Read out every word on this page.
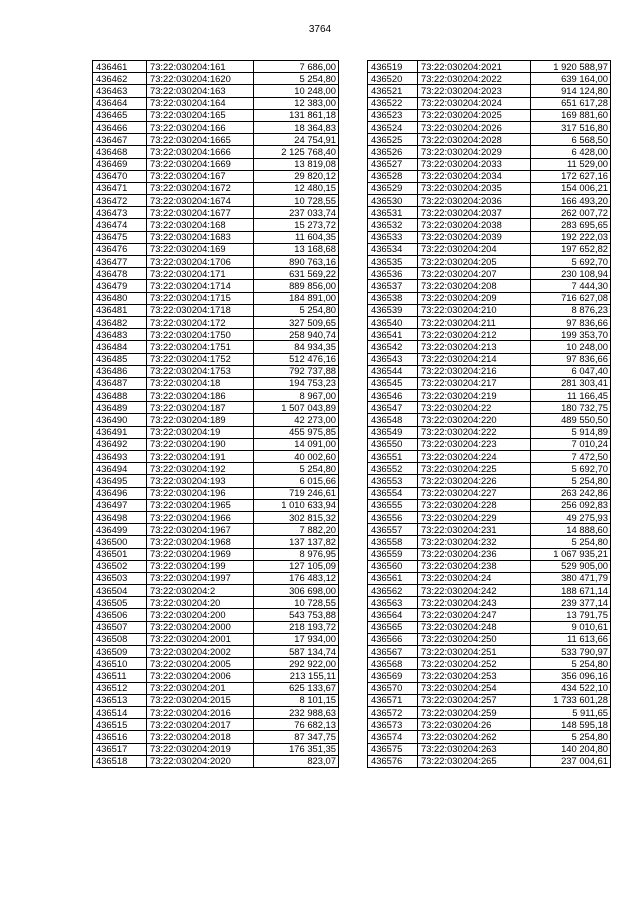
3764
436461	73:22:030204:161	7 686,00
436462	73:22:030204:1620	5 254,80
436463	73:22:030204:163	10 248,00
436464	73:22:030204:164	12 383,00
436465	73:22:030204:165	131 861,18
436466	73:22:030204:166	18 364,83
436467	73:22:030204:1665	24 754,91
436468	73:22:030204:1666	2 125 768,40
436469	73:22:030204:1669	13 819,08
436470	73:22:030204:167	29 820,12
436471	73:22:030204:1672	12 480,15
436472	73:22:030204:1674	10 728,55
436473	73:22:030204:1677	237 033,74
436474	73:22:030204:168	15 273,72
436475	73:22:030204:1683	11 604,35
436476	73:22:030204:169	13 168,68
436477	73:22:030204:1706	890 763,16
436478	73:22:030204:171	631 569,22
436479	73:22:030204:1714	889 856,00
436480	73:22:030204:1715	184 891,00
436481	73:22:030204:1718	5 254,80
436482	73:22:030204:172	327 509,65
436483	73:22:030204:1750	258 940,74
436484	73:22:030204:1751	84 934,35
436485	73:22:030204:1752	512 476,16
436486	73:22:030204:1753	792 737,88
436487	73:22:030204:18	194 753,23
436488	73:22:030204:186	8 967,00
436489	73:22:030204:187	1 507 043,89
436490	73:22:030204:189	42 273,00
436491	73:22:030204:19	455 975,85
436492	73:22:030204:190	14 091,00
436493	73:22:030204:191	40 002,60
436494	73:22:030204:192	5 254,80
436495	73:22:030204:193	6 015,66
436496	73:22:030204:196	719 246,61
436497	73:22:030204:1965	1 010 633,94
436498	73:22:030204:1966	302 815,32
436499	73:22:030204:1967	7 882,20
436500	73:22:030204:1968	137 137,82
436501	73:22:030204:1969	8 976,95
436502	73:22:030204:199	127 105,09
436503	73:22:030204:1997	176 483,12
436504	73:22:030204:2	306 698,00
436505	73:22:030204:20	10 728,55
436506	73:22:030204:200	543 753,88
436507	73:22:030204:2000	218 193,72
436508	73:22:030204:2001	17 934,00
436509	73:22:030204:2002	587 134,74
436510	73:22:030204:2005	292 922,00
436511	73:22:030204:2006	213 155,11
436512	73:22:030204:201	625 133,67
436513	73:22:030204:2015	8 101,15
436514	73:22:030204:2016	232 988,63
436515	73:22:030204:2017	76 682,13
436516	73:22:030204:2018	87 347,75
436517	73:22:030204:2019	176 351,35
436518	73:22:030204:2020	823,07
436519	73:22:030204:2021	1 920 588,97
436520	73:22:030204:2022	639 164,00
436521	73:22:030204:2023	914 124,80
436522	73:22:030204:2024	651 617,28
436523	73:22:030204:2025	169 881,60
436524	73:22:030204:2026	317 516,80
436525	73:22:030204:2028	6 568,50
436526	73:22:030204:2029	6 428,00
436527	73:22:030204:2033	11 529,00
436528	73:22:030204:2034	172 627,16
436529	73:22:030204:2035	154 006,21
436530	73:22:030204:2036	166 493,20
436531	73:22:030204:2037	262 007,72
436532	73:22:030204:2038	283 695,65
436533	73:22:030204:2039	192 222,03
436534	73:22:030204:204	197 652,82
436535	73:22:030204:205	5 692,70
436536	73:22:030204:207	230 108,94
436537	73:22:030204:208	7 444,30
436538	73:22:030204:209	716 627,08
436539	73:22:030204:210	8 876,23
436540	73:22:030204:211	97 836,66
436541	73:22:030204:212	199 353,70
436542	73:22:030204:213	10 248,00
436543	73:22:030204:214	97 836,66
436544	73:22:030204:216	6 047,40
436545	73:22:030204:217	281 303,41
436546	73:22:030204:219	11 166,45
436547	73:22:030204:22	180 732,75
436548	73:22:030204:220	489 550,50
436549	73:22:030204:222	5 914,89
436550	73:22:030204:223	7 010,24
436551	73:22:030204:224	7 472,50
436552	73:22:030204:225	5 692,70
436553	73:22:030204:226	5 254,80
436554	73:22:030204:227	263 242,86
436555	73:22:030204:228	256 092,83
436556	73:22:030204:229	49 275,93
436557	73:22:030204:231	14 888,60
436558	73:22:030204:232	5 254,80
436559	73:22:030204:236	1 067 935,21
436560	73:22:030204:238	529 905,00
436561	73:22:030204:24	380 471,79
436562	73:22:030204:242	188 671,14
436563	73:22:030204:243	239 377,14
436564	73:22:030204:247	13 791,75
436565	73:22:030204:248	9 010,61
436566	73:22:030204:250	11 613,66
436567	73:22:030204:251	533 790,97
436568	73:22:030204:252	5 254,80
436569	73:22:030204:253	356 096,16
436570	73:22:030204:254	434 522,10
436571	73:22:030204:257	1 733 601,28
436572	73:22:030204:259	5 911,65
436573	73:22:030204:26	148 595,18
436574	73:22:030204:262	5 254,80
436575	73:22:030204:263	140 204,80
436576	73:22:030204:265	237 004,61
